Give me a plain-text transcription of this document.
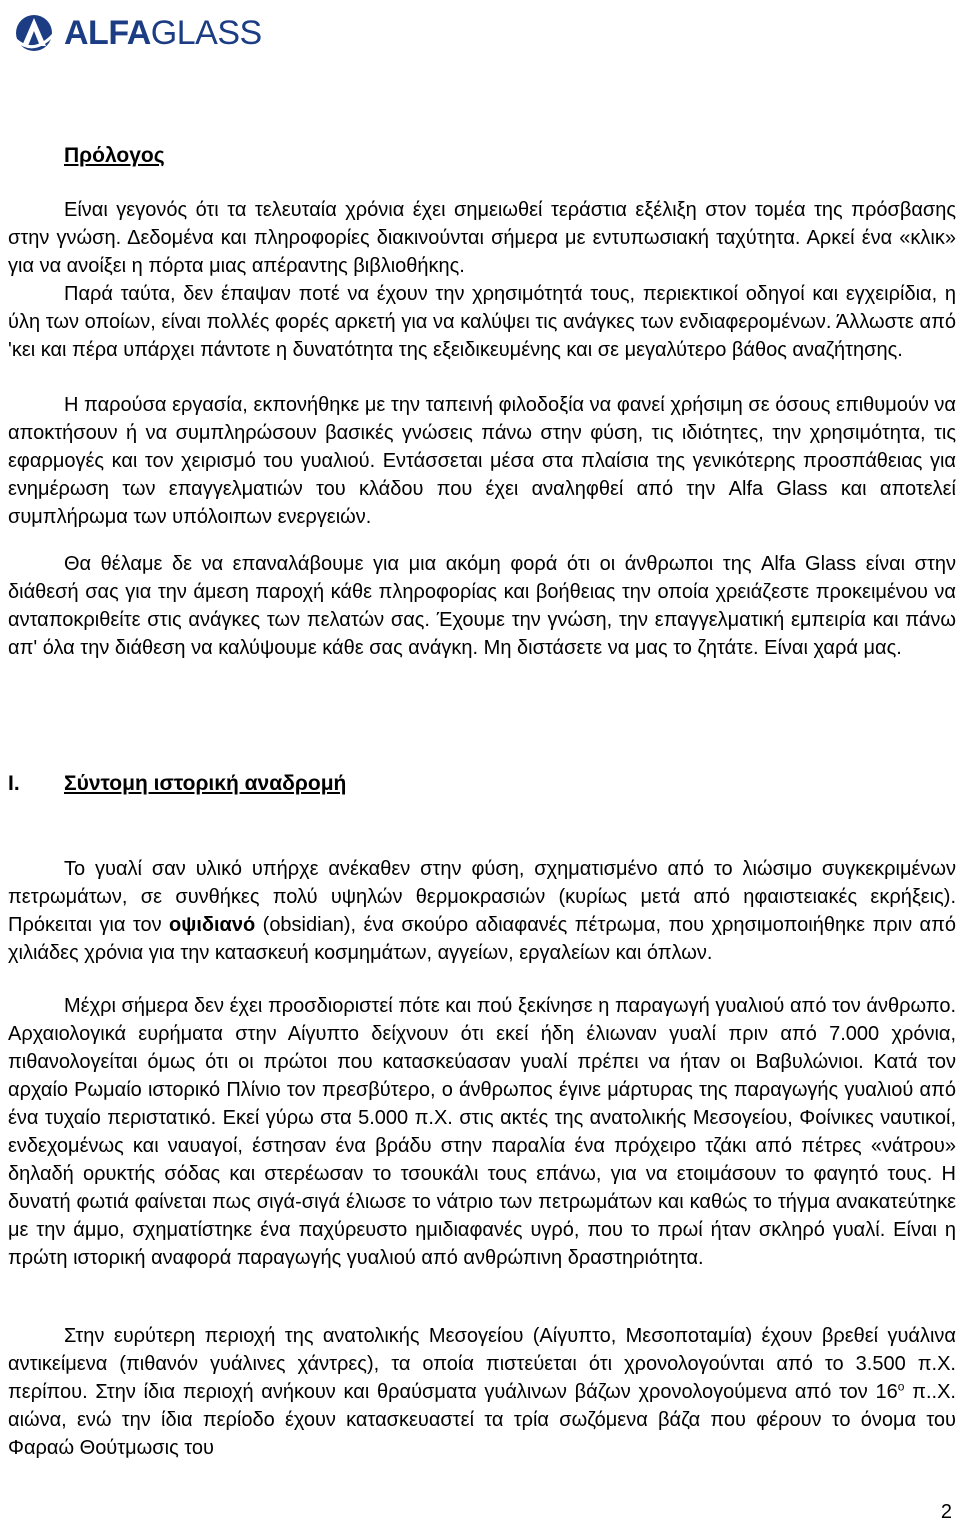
ALFAGLASS
Πρόλογος

Είναι γεγονός ότι τα τελευταία χρόνια έχει σημειωθεί τεράστια εξέλιξη στον τομέα της πρόσβασης στην γνώση. Δεδομένα και πληροφορίες διακινούνται σήμερα με εντυπωσιακή ταχύτητα. Αρκεί ένα «κλικ» για να ανοίξει η πόρτα μιας απέραντης βιβλιοθήκης.

Παρά ταύτα, δεν έπαψαν ποτέ να έχουν την χρησιμότητά τους, περιεκτικοί οδηγοί και εγχειρίδια, η ύλη των οποίων, είναι πολλές φορές αρκετή για να καλύψει τις ανάγκες των ενδιαφερομένων. Άλλωστε από 'κει και πέρα υπάρχει πάντοτε η δυνατότητα της εξειδικευμένης και σε μεγαλύτερο βάθος αναζήτησης.

Η παρούσα εργασία, εκπονήθηκε με την ταπεινή φιλοδοξία να φανεί χρήσιμη σε όσους επιθυμούν να αποκτήσουν ή να συμπληρώσουν βασικές γνώσεις πάνω στην φύση, τις ιδιότητες, την χρησιμότητα, τις εφαρμογές και τον χειρισμό του γυαλιού. Εντάσσεται μέσα στα πλαίσια της γενικότερης προσπάθειας για ενημέρωση των επαγγελματιών του κλάδου που έχει αναληφθεί από την Alfa Glass και αποτελεί συμπλήρωμα των υπόλοιπων ενεργειών.

Θα θέλαμε δε να επαναλάβουμε για μια ακόμη φορά ότι οι άνθρωποι της Alfa Glass είναι στην διάθεσή σας για την άμεση παροχή κάθε πληροφορίας και βοήθειας την οποία χρειάζεστε προκειμένου να ανταποκριθείτε στις ανάγκες των πελατών σας. Έχουμε την γνώση, την επαγγελματική εμπειρία και πάνω απ' όλα την διάθεση να καλύψουμε κάθε σας ανάγκη. Μη διστάσετε να μας το ζητάτε. Είναι χαρά μας.

I. Σύντομη ιστορική αναδρομή

Το γυαλί σαν υλικό υπήρχε ανέκαθεν στην φύση, σχηματισμένο από το λιώσιμο συγκεκριμένων πετρωμάτων, σε συνθήκες πολύ υψηλών θερμοκρασιών (κυρίως μετά από ηφαιστειακές εκρήξεις). Πρόκειται για τον οψιδιανό (obsidian), ένα σκούρο αδιαφανές πέτρωμα, που χρησιμοποιήθηκε πριν από χιλιάδες χρόνια για την κατασκευή κοσμημάτων, αγγείων, εργαλείων και όπλων.

Μέχρι σήμερα δεν έχει προσδιοριστεί πότε και πού ξεκίνησε η παραγωγή γυαλιού από τον άνθρωπο. Αρχαιολογικά ευρήματα στην Αίγυπτο δείχνουν ότι εκεί ήδη έλιωναν γυαλί πριν από 7.000 χρόνια, πιθανολογείται όμως ότι οι πρώτοι που κατασκεύασαν γυαλί πρέπει να ήταν οι Βαβυλώνιοι. Κατά τον αρχαίο Ρωμαίο ιστορικό Πλίνιο τον πρεσβύτερο, ο άνθρωπος έγινε μάρτυρας της παραγωγής γυαλιού από ένα τυχαίο περιστατικό. Εκεί γύρω στα 5.000 π.Χ. στις ακτές της ανατολικής Μεσογείου, Φοίνικες ναυτικοί, ενδεχομένως και ναυαγοί, έστησαν ένα βράδυ στην παραλία ένα πρόχειρο τζάκι από πέτρες «νάτρου» δηλαδή ορυκτής σόδας και στερέωσαν το τσουκάλι τους επάνω, για να ετοιμάσουν το φαγητό τους. Η δυνατή φωτιά φαίνεται πως σιγά-σιγά έλιωσε το νάτριο των πετρωμάτων και καθώς το τήγμα ανακατεύτηκε με την άμμο, σχηματίστηκε ένα παχύρευστο ημιδιαφανές υγρό, που το πρωί ήταν σκληρό γυαλί. Είναι η πρώτη ιστορική αναφορά παραγωγής γυαλιού από ανθρώπινη δραστηριότητα.

Στην ευρύτερη περιοχή της ανατολικής Μεσογείου (Αίγυπτο, Μεσοποταμία) έχουν βρεθεί γυάλινα αντικείμενα (πιθανόν γυάλινες χάντρες), τα οποία πιστεύεται ότι χρονολογούνται από το 3.500 π.Χ. περίπου. Στην ίδια περιοχή ανήκουν και θραύσματα γυάλινων βάζων χρονολογούμενα από τον $16^o$ π..Χ. αιώνα, ενώ την ίδια περίοδο έχουν κατασκευαστεί τα τρία σωζόμενα βάζα που φέρουν το όνομα του Φαραώ Θούτμωσις του

2
